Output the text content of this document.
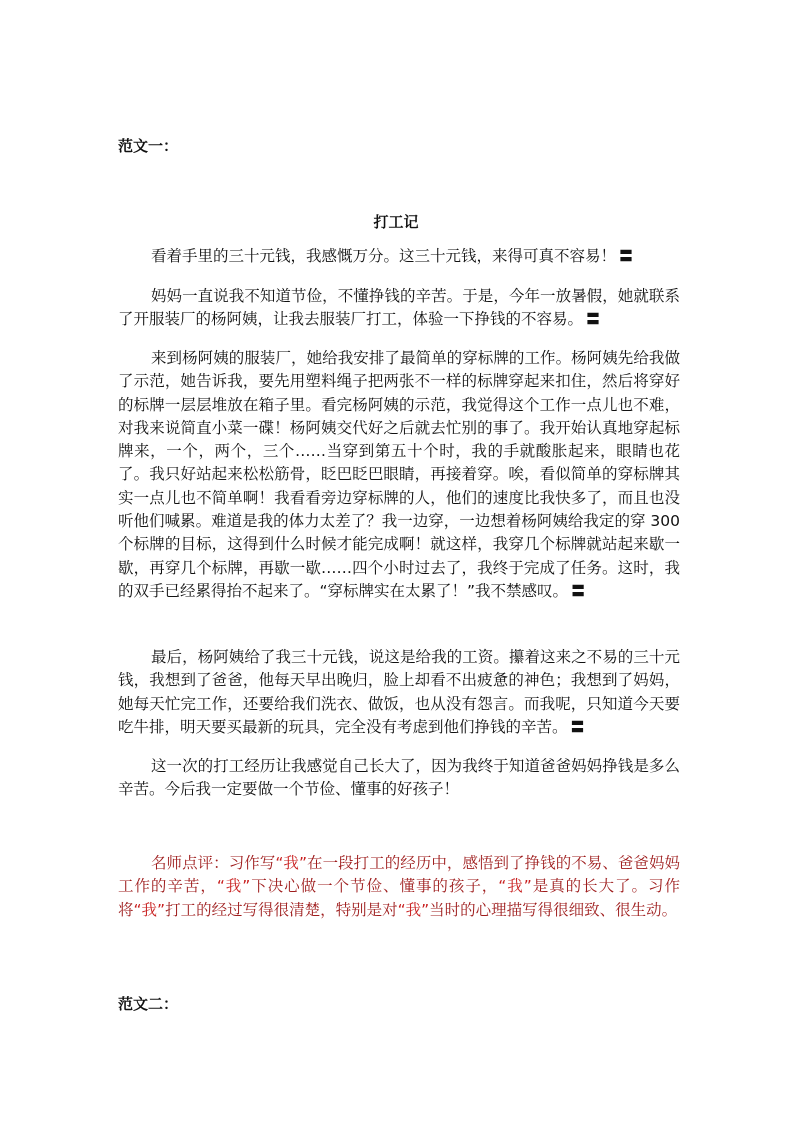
范文一：
打工记

看着手里的三十元钱，我感慨万分。这三十元钱，来得可真不容易！ 〓

妈妈一直说我不知道节俭，不懂挣钱的辛苦。于是，今年一放暑假，她就联系了开服装厂的杨阿姨，让我去服装厂打工，体验一下挣钱的不容易。 〓

来到杨阿姨的服装厂，她给我安排了最简单的穿标牌的工作。杨阿姨先给我做了示范，她告诉我，要先用塑料绳子把两张不一样的标牌穿起来扣住，然后将穿好的标牌一层层堆放在箱子里。看完杨阿姨的示范，我觉得这个工作一点儿也不难，对我来说简直小菜一碟！杨阿姨交代好之后就去忙别的事了。我开始认真地穿起标牌来，一个，两个，三个……当穿到第五十个时，我的手就酸胀起来，眼睛也花了。我只好站起来松松筋骨，眨巴眨巴眼睛，再接着穿。唉，看似简单的穿标牌其实一点儿也不简单啊！我看看旁边穿标牌的人，他们的速度比我快多了，而且也没听他们喊累。难道是我的体力太差了？我一边穿，一边想着杨阿姨给我定的穿 300 个标牌的目标，这得到什么时候才能完成啊！就这样，我穿几个标牌就站起来歇一歇，再穿几个标牌，再歇一歇……四个小时过去了，我终于完成了任务。这时，我的双手已经累得抬不起来了。“穿标牌实在太累了！”我不禁感叹。 〓

最后，杨阿姨给了我三十元钱，说这是给我的工资。攥着这来之不易的三十元钱，我想到了爸爸，他每天早出晚归，脸上却看不出疲惫的神色；我想到了妈妈，她每天忙完工作，还要给我们洗衣、做饭，也从没有怨言。而我呢，只知道今天要吃牛排，明天要买最新的玩具，完全没有考虑到他们挣钱的辛苦。 〓

这一次的打工经历让我感觉自己长大了，因为我终于知道爸爸妈妈挣钱是多么辛苦。今后我一定要做一个节俭、懂事的好孩子！

名师点评：习作写“我”在一段打工的经历中，感悟到了挣钱的不易、爸爸妈妈工作的辛苦，“我”下决心做一个节俭、懂事的孩子，“我”是真的长大了。习作将“我”打工的经过写得很清楚，特别是对“我”当时的心理描写得很细致、很生动。

范文二：
